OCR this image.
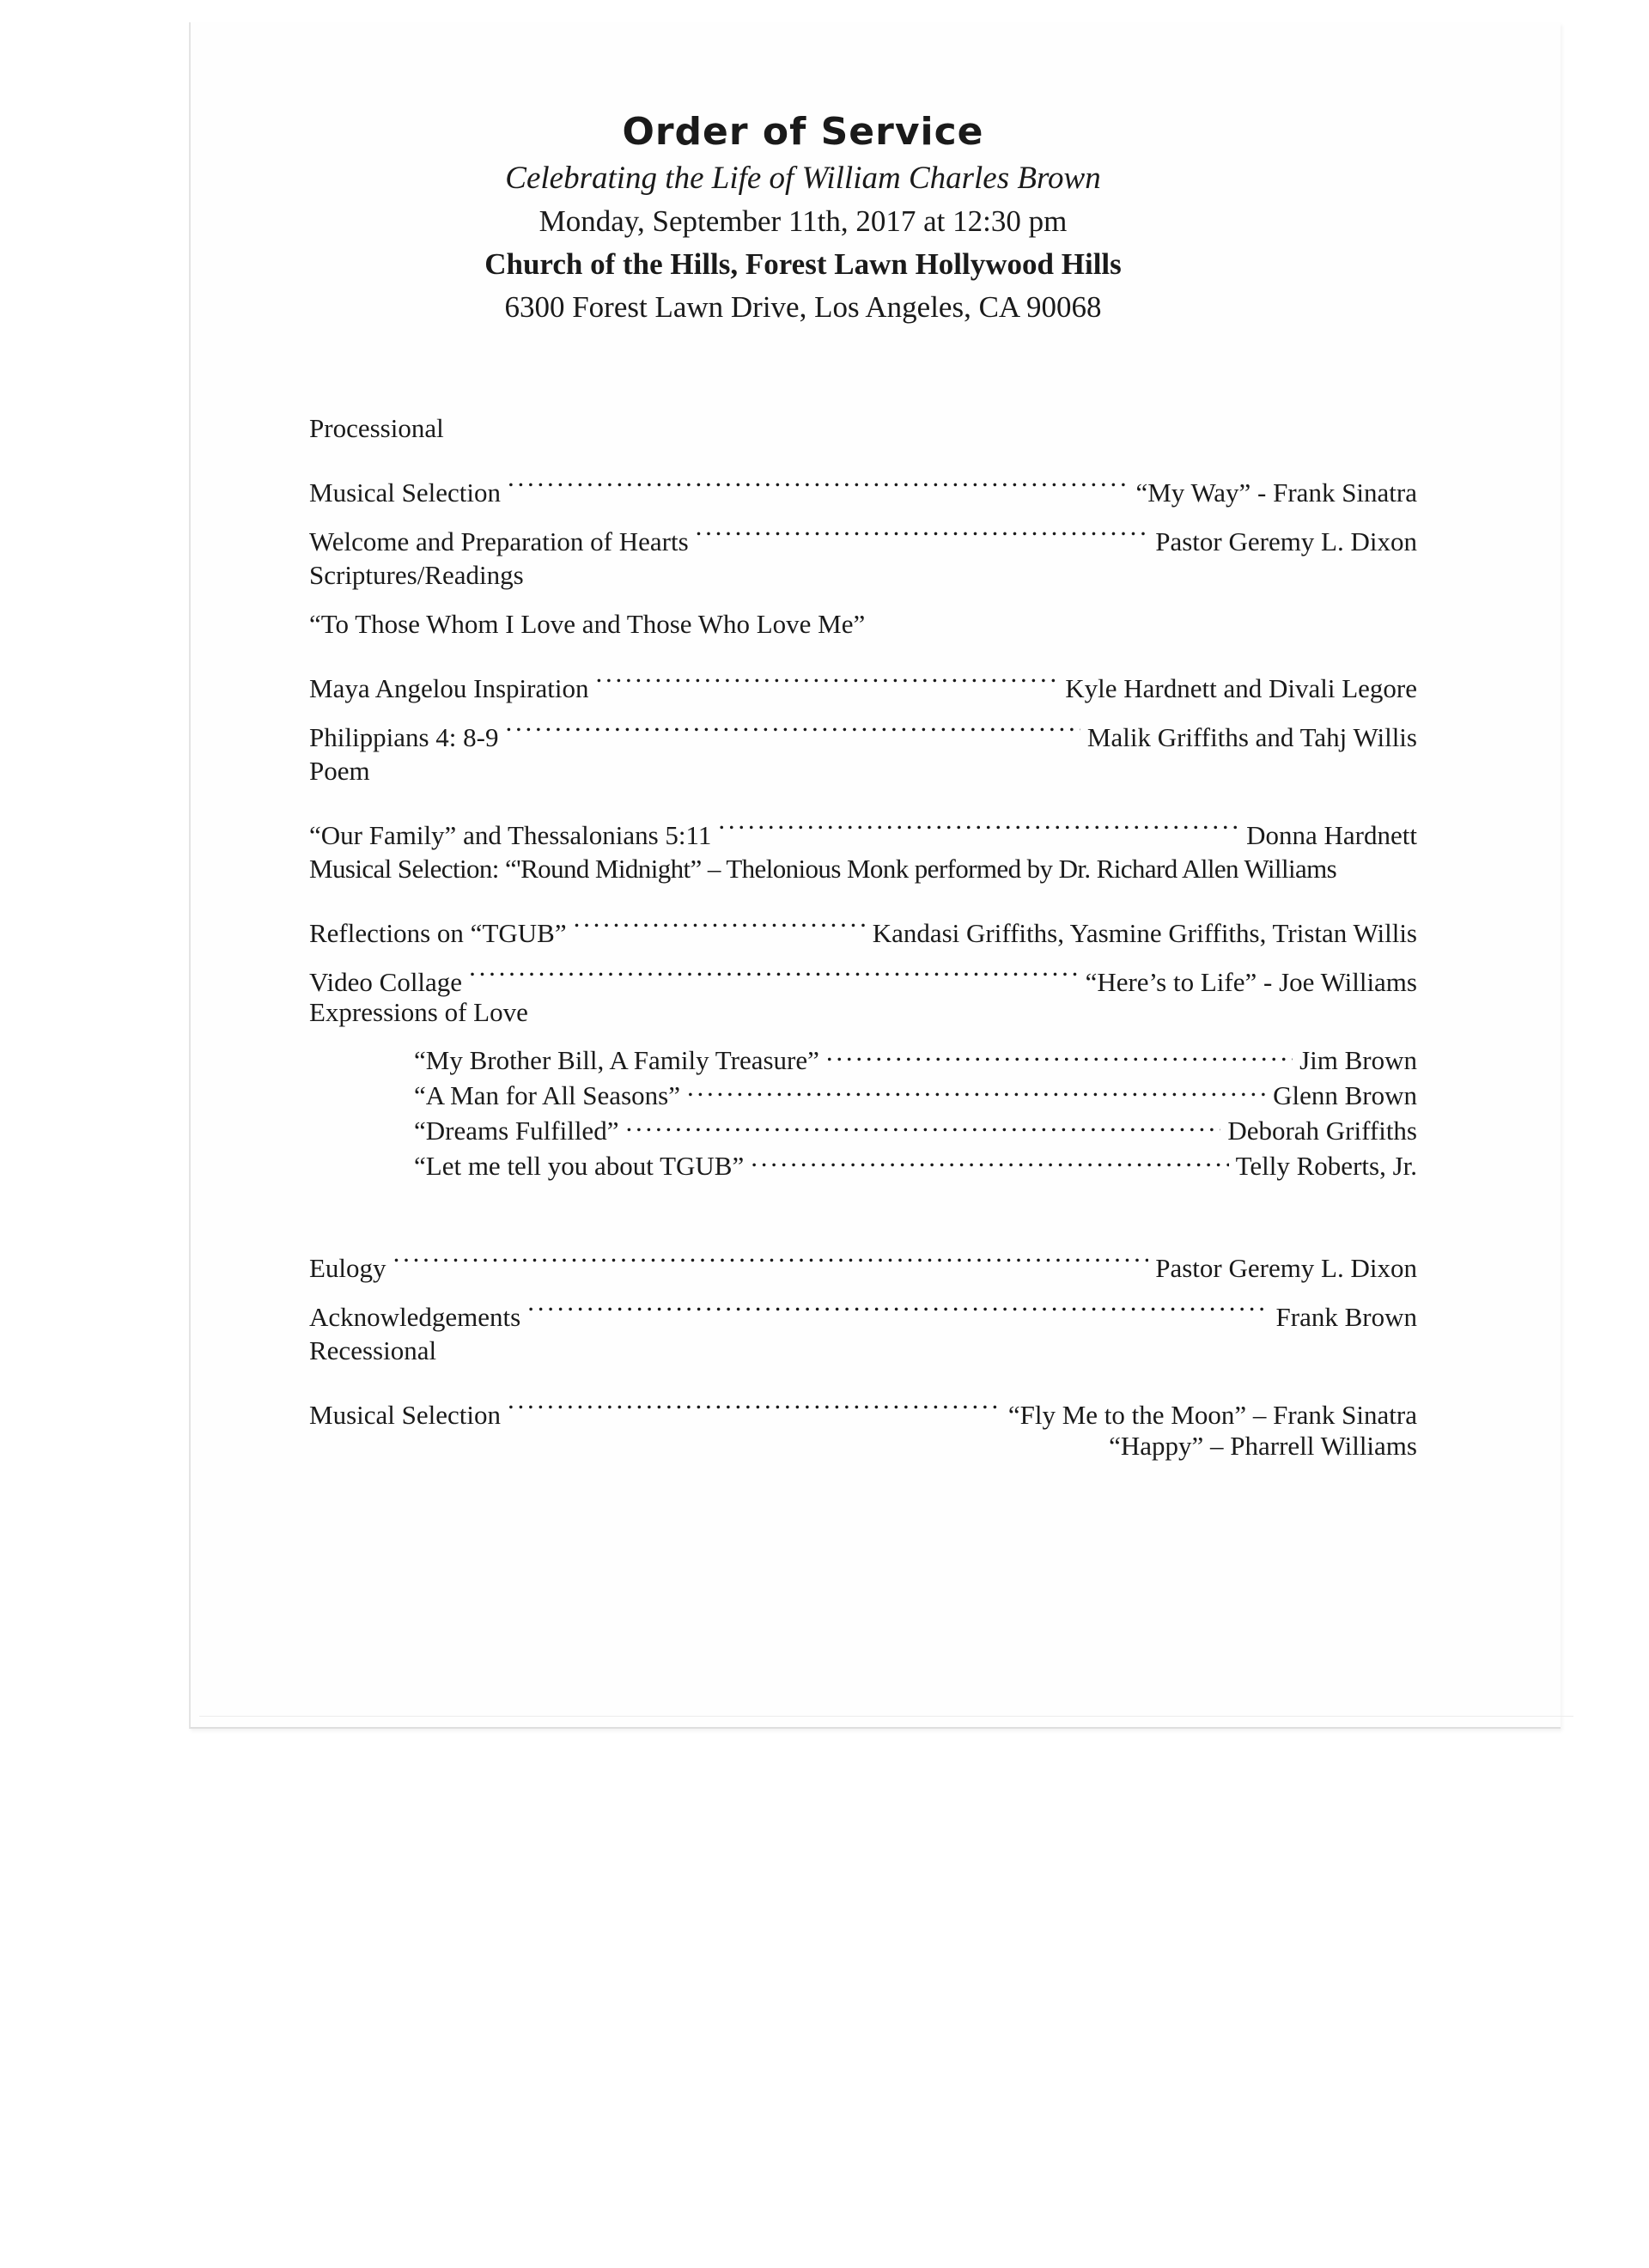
Order of Service
Celebrating the Life of William Charles Brown
Monday, September 11th, 2017 at 12:30 pm
Church of the Hills, Forest Lawn Hollywood Hills
6300 Forest Lawn Drive, Los Angeles, CA 90068
Processional
Musical Selection . . .	“My Way” - Frank Sinatra
Welcome and Preparation of Hearts . . .	Pastor Geremy L. Dixon
Scriptures/Readings
“To Those Whom I Love and Those Who Love Me”
Maya Angelou Inspiration . . .	Kyle Hardnett and Divali Legore
Philippians 4: 8-9 . . .	Malik Griffiths and Tahj Willis
Poem
“Our Family” and Thessalonians 5:11 . . .	Donna Hardnett
Musical Selection: “'Round Midnight” – Thelonious Monk performed by Dr. Richard Allen Williams
Reflections on “TGUB” . . .	Kandasi Griffiths, Yasmine Griffiths, Tristan Willis
Video Collage . . .	“Here’s to Life” - Joe Williams
Expressions of Love
“My Brother Bill, A Family Treasure” . . .	Jim Brown
“A Man for All Seasons” . . .	Glenn Brown
“Dreams Fulfilled” . . .	Deborah Griffiths
“Let me tell you about TGUB” . . .	Telly Roberts, Jr.
Eulogy . . .	Pastor Geremy L. Dixon
Acknowledgements . . .	Frank Brown
Recessional
Musical Selection . . .	“Fly Me to the Moon” – Frank Sinatra
“Happy” – Pharrell Williams
